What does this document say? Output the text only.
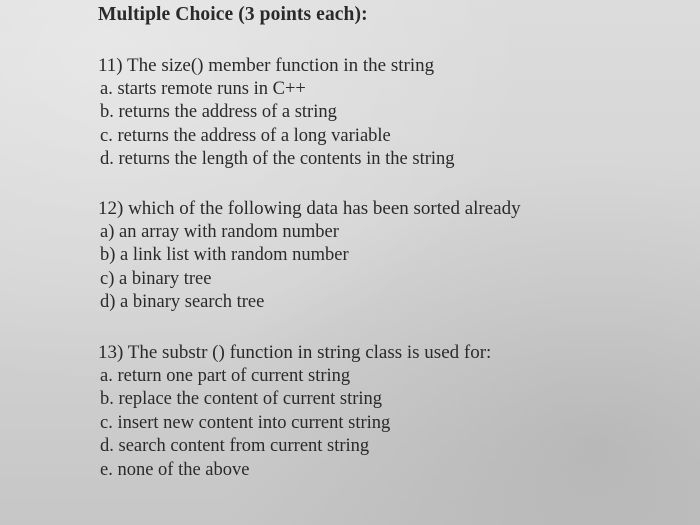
Multiple Choice (3 points each):
11) The size() member function in the string
a. starts remote runs in C++
b. returns the address of a string
c. returns the address of a long variable
d. returns the length of the contents in the string
12) which of the following data has been sorted already
a) an array with random number
b) a link list with random number
c) a binary tree
d) a binary search tree
13) The substr () function in string class is used for:
a. return one part of current string
b. replace the content of current string
c. insert new content into current string
d. search content from current string
e. none of the above
